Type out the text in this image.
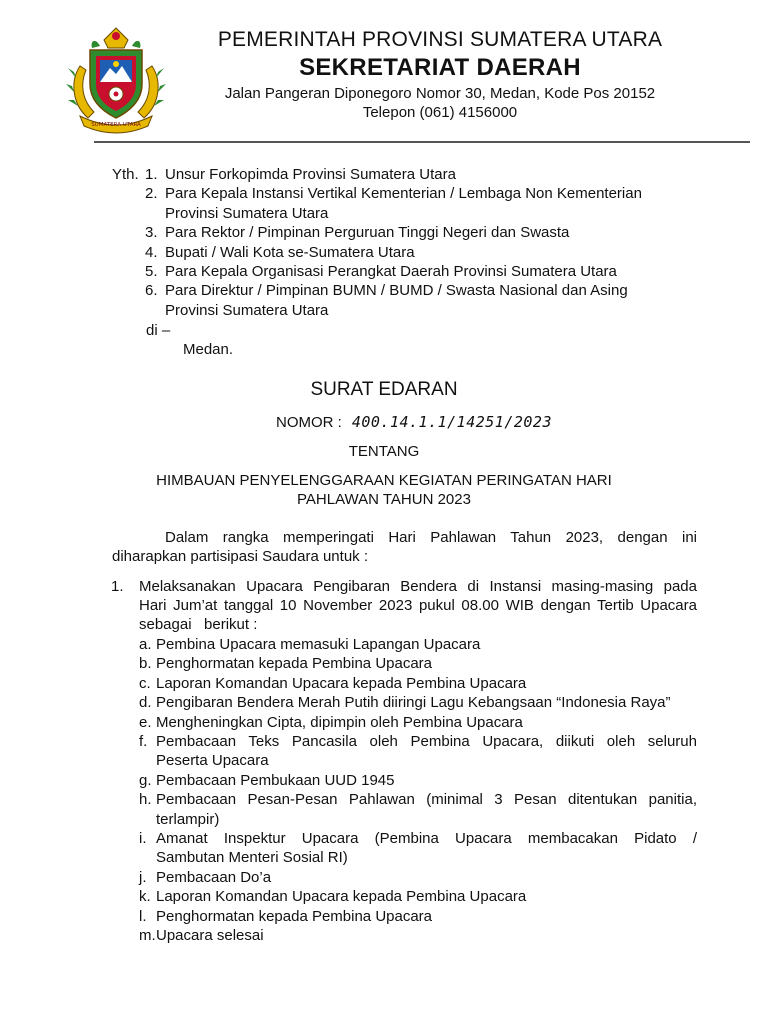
SUMATERA UTARA
PEMERINTAH PROVINSI SUMATERA UTARA
SEKRETARIAT DAERAH
Jalan Pangeran Diponegoro Nomor 30, Medan, Kode Pos 20152
Telepon (061) 4156000
Yth. 1. Unsur Forkopimda Provinsi Sumatera Utara
2. Para Kepala Instansi Vertikal Kementerian / Lembaga Non Kementerian
Provinsi Sumatera Utara
3. Para Rektor / Pimpinan Perguruan Tinggi Negeri dan Swasta
4. Bupati / Wali Kota se-Sumatera Utara
5. Para Kepala Organisasi Perangkat Daerah Provinsi Sumatera Utara
6. Para Direktur / Pimpinan BUMN / BUMD / Swasta Nasional dan Asing
Provinsi Sumatera Utara
di –
Medan.
SURAT EDARAN
NOMOR : 400.14.1.1/14251/2023
TENTANG
HIMBAUAN PENYELENGGARAAN KEGIATAN PERINGATAN HARI
PAHLAWAN TAHUN 2023
Dalam rangka memperingati Hari Pahlawan Tahun 2023, dengan ini
diharapkan partisipasi Saudara untuk :
1. Melaksanakan Upacara Pengibaran Bendera di Instansi masing-masing pada
Hari Jum’at tanggal 10 November 2023 pukul 08.00 WIB dengan Tertib Upacara
sebagai   berikut :
a. Pembina Upacara memasuki Lapangan Upacara
b. Penghormatan kepada Pembina Upacara
c. Laporan Komandan Upacara kepada Pembina Upacara
d. Pengibaran Bendera Merah Putih diiringi Lagu Kebangsaan “Indonesia Raya”
e. Mengheningkan Cipta, dipimpin oleh Pembina Upacara
f. Pembacaan Teks Pancasila oleh Pembina Upacara, diikuti oleh seluruh
Peserta Upacara
g. Pembacaan Pembukaan UUD 1945
h. Pembacaan Pesan-Pesan Pahlawan (minimal 3 Pesan ditentukan panitia,
terlampir)
i. Amanat Inspektur Upacara (Pembina Upacara membacakan Pidato /
Sambutan Menteri Sosial RI)
j. Pembacaan Do’a
k. Laporan Komandan Upacara kepada Pembina Upacara
l. Penghormatan kepada Pembina Upacara
m. Upacara selesai
